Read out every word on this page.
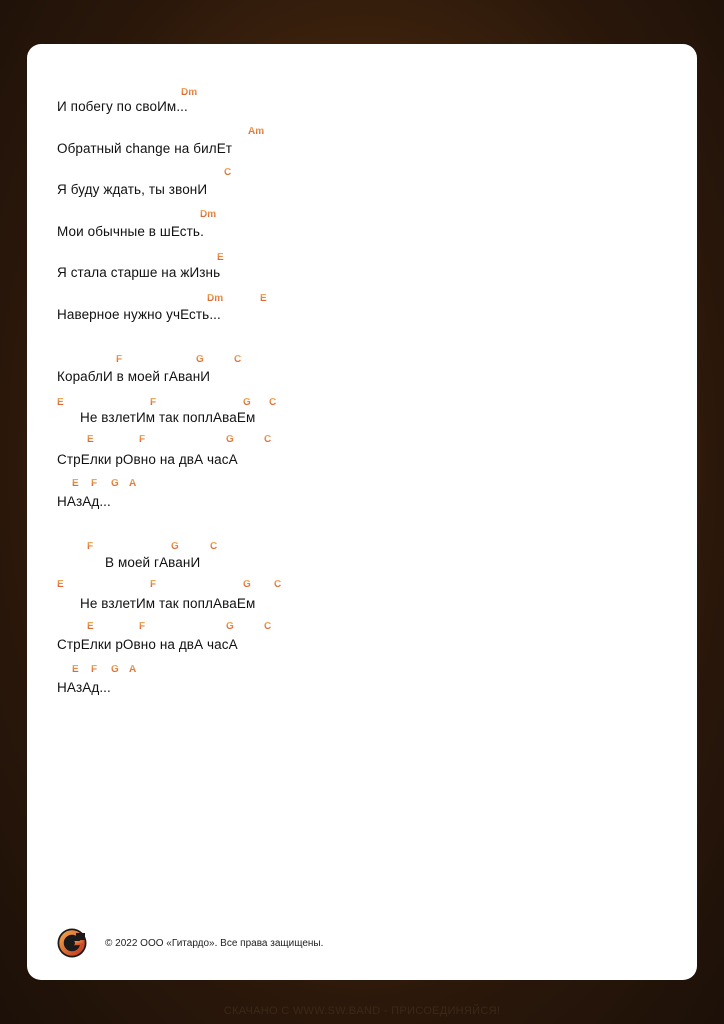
Dm
И побегу по своИм...
Am
Обратный change на билЕт
C
Я буду ждать, ты звонИ
Dm
Мои обычные в шЕсть.
E
Я стала старше на жИзнь
Dm	E
Наверное нужно учЕсть...
F	G	C
КораблИ в моей гАванИ
E	F	G C
Не взлетИм так поплАваЕм
E	F	G	C
СтрЕлки рОвно на двА часА
E F G A
НАзАд...
F	G	C
В моей гАванИ
E	F	G C
Не взлетИм так поплАваЕм
E	F	G	C
СтрЕлки рОвно на двА часА
E F G A
НАзАд...
© 2022 ООО «Гитардо». Все права защищены.
СКАЧАНО С WWW.SW.BAND - ПРИСОЕДИНЯЙСЯ!
